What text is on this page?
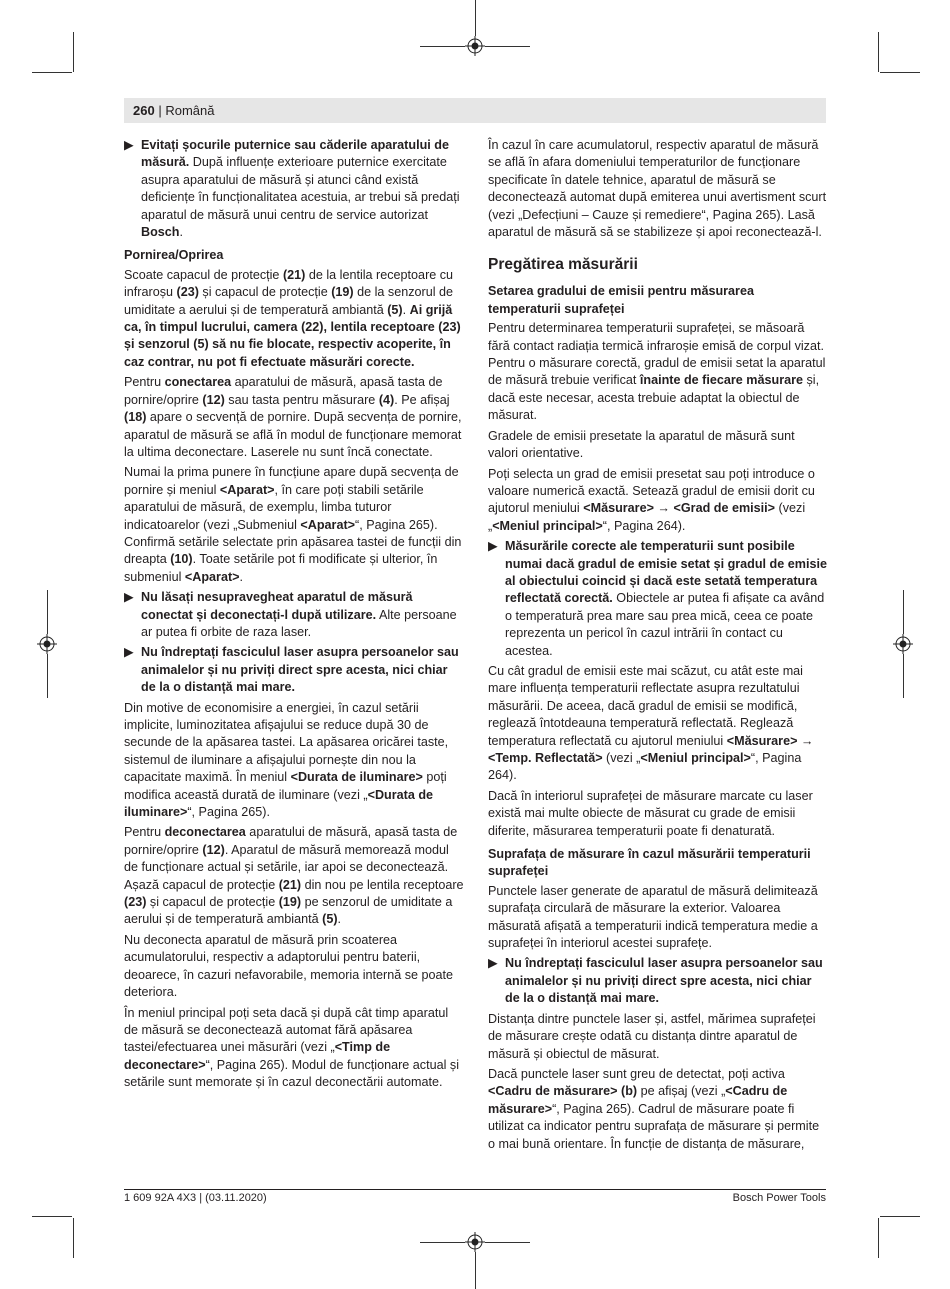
260 | Română
▶ Evitați șocurile puternice sau căderile aparatului de măsură. După influențe exterioare puternice exercitate asupra aparatului de măsură și atunci când există deficiențe în funcționalitatea acestuia, ar trebui să predați aparatul de măsură unui centru de service autorizat Bosch.

Pornirea/Oprirea

Scoate capacul de protecție (21) de la lentila receptoare cu infraroșu (23) și capacul de protecție (19) de la senzorul de umiditate a aerului și de temperatură ambiantă (5). Ai grijă ca, în timpul lucrului, camera (22), lentila receptoare (23) și senzorul (5) să nu fie blocate, respectiv acoperite, în caz contrar, nu pot fi efectuate măsurări corecte.

Pentru conectarea aparatului de măsură, apasă tasta de pornire/oprire (12) sau tasta pentru măsurare (4). Pe afișaj (18) apare o secvență de pornire. După secvența de pornire, aparatul de măsură se află în modul de funcționare memorat la ultima deconectare. Laserele nu sunt încă conectate.

Numai la prima punere în funcțiune apare după secvența de pornire și meniul <Aparat>, în care poți stabili setările aparatului de măsură, de exemplu, limba tuturor indicatoarelor (vezi „Submeniul <Aparat>“, Pagina 265). Confirmă setările selectate prin apăsarea tastei de funcții din dreapta (10). Toate setările pot fi modificate și ulterior, în submeniul <Aparat>.

▶ Nu lăsați nesupravegheat aparatul de măsură conectat și deconectați-l după utilizare. Alte persoane ar putea fi orbite de raza laser.
▶ Nu îndreptați fasciculul laser asupra persoanelor sau animalelor și nu priviți direct spre acesta, nici chiar de la o distanță mai mare.

Din motive de economisire a energiei, în cazul setării implicite, luminozitatea afișajului se reduce după 30 de secunde de la apăsarea tastei. La apăsarea oricărei taste, sistemul de iluminare a afișajului pornește din nou la capacitate maximă. În meniul <Durata de iluminare> poți modifica această durată de iluminare (vezi „<Durata de iluminare>“, Pagina 265).

Pentru deconectarea aparatului de măsură, apasă tasta de pornire/oprire (12). Aparatul de măsură memorează modul de funcționare actual și setările, iar apoi se deconectează. Așază capacul de protecție (21) din nou pe lentila receptoare (23) și capacul de protecție (19) pe senzorul de umiditate a aerului și de temperatură ambiantă (5).

Nu deconecta aparatul de măsură prin scoaterea acumulatorului, respectiv a adaptorului pentru baterii, deoarece, în cazuri nefavorabile, memoria internă se poate deteriora.

În meniul principal poți seta dacă și după cât timp aparatul de măsură se deconectează automat fără apăsarea tastei/efectuarea unei măsurări (vezi „<Timp de deconectare>“, Pagina 265). Modul de funcționare actual și setările sunt memorate și în cazul deconectării automate.

În cazul în care acumulatorul, respectiv aparatul de măsură se află în afara domeniului temperaturilor de funcționare specificate în datele tehnice, aparatul de măsură se deconectează automat după emiterea unui avertisment scurt (vezi „Defecțiuni – Cauze și remediere“, Pagina 265). Lasă aparatul de măsură să se stabilizeze și apoi reconectează-l.

Pregătirea măsurării

Setarea gradului de emisii pentru măsurarea temperaturii suprafeței

Pentru determinarea temperaturii suprafeței, se măsoară fără contact radiația termică infraroșie emisă de corpul vizat. Pentru o măsurare corectă, gradul de emisii setat la aparatul de măsură trebuie verificat înainte de fiecare măsurare și, dacă este necesar, acesta trebuie adaptat la obiectul de măsurat.

Gradele de emisii presetate la aparatul de măsură sunt valori orientative.

Poți selecta un grad de emisii presetat sau poți introduce o valoare numerică exactă. Setează gradul de emisii dorit cu ajutorul meniului <Măsurare> → <Grad de emisii> (vezi „<Meniul principal>“, Pagina 264).

▶ Măsurările corecte ale temperaturii sunt posibile numai dacă gradul de emisie setat și gradul de emisie al obiectului coincid și dacă este setată temperatura reflectată corectă. Obiectele ar putea fi afișate ca având o temperatură prea mare sau prea mică, ceea ce poate reprezenta un pericol în cazul intrării în contact cu acestea.

Cu cât gradul de emisii este mai scăzut, cu atât este mai mare influența temperaturii reflectate asupra rezultatului măsurării. De aceea, dacă gradul de emisii se modifică, reglează întotdeauna temperatură reflectată. Reglează temperatura reflectată cu ajutorul meniului <Măsurare> → <Temp. Reflectată> (vezi „<Meniul principal>“, Pagina 264).

Dacă în interiorul suprafeței de măsurare marcate cu laser există mai multe obiecte de măsurat cu grade de emisii diferite, măsurarea temperaturii poate fi denaturată.

Suprafața de măsurare în cazul măsurării temperaturii suprafeței

Punctele laser generate de aparatul de măsură delimitează suprafața circulară de măsurare la exterior. Valoarea măsurată afișată a temperaturii indică temperatura medie a suprafeței în interiorul acestei suprafețe.

▶ Nu îndreptați fasciculul laser asupra persoanelor sau animalelor și nu priviți direct spre acesta, nici chiar de la o distanță mai mare.

Distanța dintre punctele laser și, astfel, mărimea suprafeței de măsurare crește odată cu distanța dintre aparatul de măsură și obiectul de măsurat.

Dacă punctele laser sunt greu de detectat, poți activa <Cadru de măsurare> (b) pe afișaj (vezi „<Cadru de măsurare>“, Pagina 265). Cadrul de măsurare poate fi utilizat ca indicator pentru suprafața de măsurare și permite o mai bună orientare. În funcție de distanța de măsurare,

1 609 92A 4X3 | (03.11.2020)	Bosch Power Tools
